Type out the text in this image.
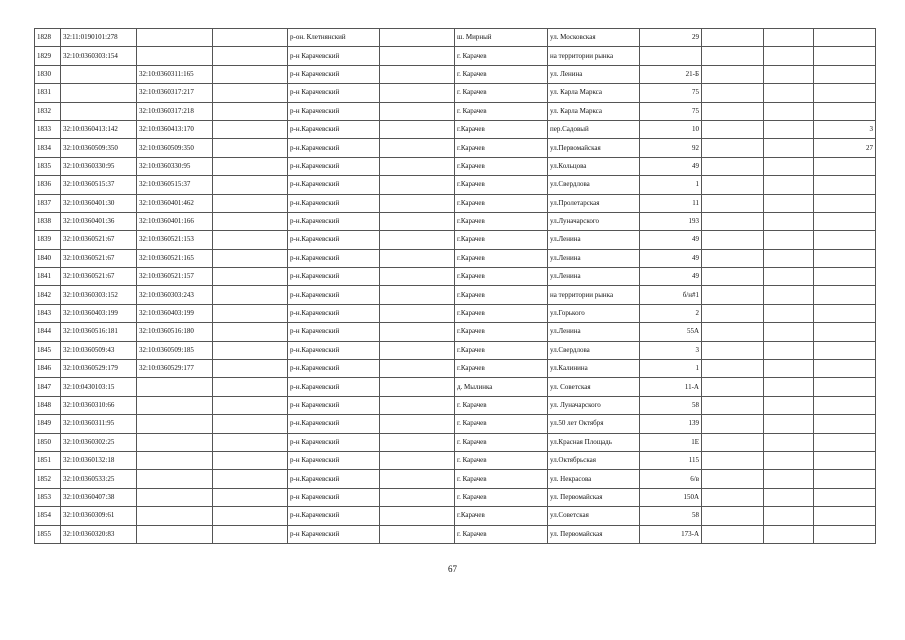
1828	32:11:0190101:278			р-он. Клетнянский		ш. Мирный	ул. Московская	29			
1829	32:10:0360303:154			р-н Карачевский		г. Карачев	на территории рынка				
1830		32:10:0360311:165		р-н Карачевский		г. Карачев	ул. Ленина	21-Б			
1831		32:10:0360317:217		р-н Карачевский		г. Карачев	ул. Карла Маркса	75			
1832		32:10:0360317:218		р-н Карачевский		г. Карачев	ул. Карла Маркса	75			
1833	32:10:0360413:142	32:10:0360413:170		р-н.Карачевский		г.Карачев	пер.Садовый	10			3
1834	32:10:0360509:350	32:10:0360509:350		р-н.Карачевский		г.Карачев	ул.Первомайская	92			27
1835	32:10:0360330:95	32:10:0360330:95		р-н.Карачевский		г.Карачев	ул.Кольцова	49			
1836	32:10:0360515:37	32:10:0360515:37		р-н.Карачевский		г.Карачев	ул.Свердлова	1			
1837	32:10:0360401:30	32:10:0360401:462		р-н.Карачевский		г.Карачев	ул.Пролетарская	11			
1838	32:10:0360401:36	32:10:0360401:166		р-н.Карачевский		г.Карачев	ул.Луначарского	193			
1839	32:10:0360521:67	32:10:0360521:153		р-н.Карачевский		г.Карачев	ул.Ленина	49			
1840	32:10:0360521:67	32:10:0360521:165		р-н.Карачевский		г.Карачев	ул.Ленина	49			
1841	32:10:0360521:67	32:10:0360521:157		р-н.Карачевский		г.Карачев	ул.Ленина	49			
1842	32:10:0360303:152	32:10:0360303:243		р-н.Карачевский		г.Карачев	на территории рынка	б/н#1			
1843	32:10:0360403:199	32:10:0360403:199		р-н.Карачевский		г.Карачев	ул.Горького	2			
1844	32:10:0360516:181	32:10:0360516:180		р-н Карачевский		г.Карачев	ул.Ленина	55А			
1845	32:10:0360509:43	32:10:0360509:185		р-н.Карачевский		г.Карачев	ул.Свердлова	3			
1846	32:10:0360529:179	32:10:0360529:177		р-н.Карачевский		г.Карачев	ул.Калинина	1			
1847	32:10:0430103:15			р-н.Карачевский		д. Мылинка	ул. Советская	11-А			
1848	32:10:0360310:66			р-н Карачевский		г. Карачев	ул. Луначарского	58			
1849	32:10:0360311:95			р-н.Карачевский		г. Карачев	ул.50 лет Октября	139			
1850	32:10:0360302:25			р-н Карачевский		г. Карачев	ул.Красная Площадь	1Е			
1851	32:10:0360132:18			р-н Карачевский		г. Карачев	ул.Октябрьская	115			
1852	32:10:0360533:25			р-н.Карачевский		г. Карачев	ул. Некрасова	6/в			
1853	32:10:0360407:38			р-н Карачевский		г. Карачев	ул. Первомайская	150А			
1854	32:10:0360309:61			р-н.Карачевский		г.Карачев	ул.Советская	58			
1855	32:10:0360320:83			р-н Карачевский		г. Карачев	ул. Первомайская	173-А			
67
